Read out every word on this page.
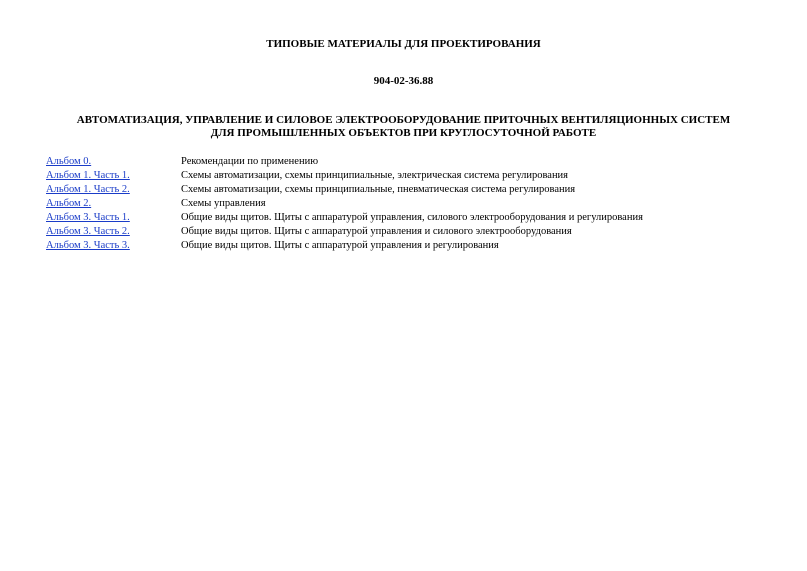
ТИПОВЫЕ МАТЕРИАЛЫ ДЛЯ ПРОЕКТИРОВАНИЯ
904-02-36.88
АВТОМАТИЗАЦИЯ, УПРАВЛЕНИЕ И СИЛОВОЕ ЭЛЕКТРООБОРУДОВАНИЕ ПРИТОЧНЫХ ВЕНТИЛЯЦИОННЫХ СИСТЕМ
ДЛЯ ПРОМЫШЛЕННЫХ ОБЪЕКТОВ ПРИ КРУГЛОСУТОЧНОЙ РАБОТЕ
Альбом 0.	Рекомендации по применению
Альбом 1. Часть 1.	Схемы автоматизации, схемы принципиальные, электрическая система регулирования
Альбом 1. Часть 2.	Схемы автоматизации, схемы принципиальные, пневматическая система регулирования
Альбом 2.	Схемы управления
Альбом 3. Часть 1.	Общие виды щитов. Щиты с аппаратурой управления, силового электрооборудования и регулирования
Альбом 3. Часть 2.	Общие виды щитов. Щиты с аппаратурой управления и силового электрооборудования
Альбом 3. Часть 3.	Общие виды щитов. Щиты с аппаратурой управления и регулирования
